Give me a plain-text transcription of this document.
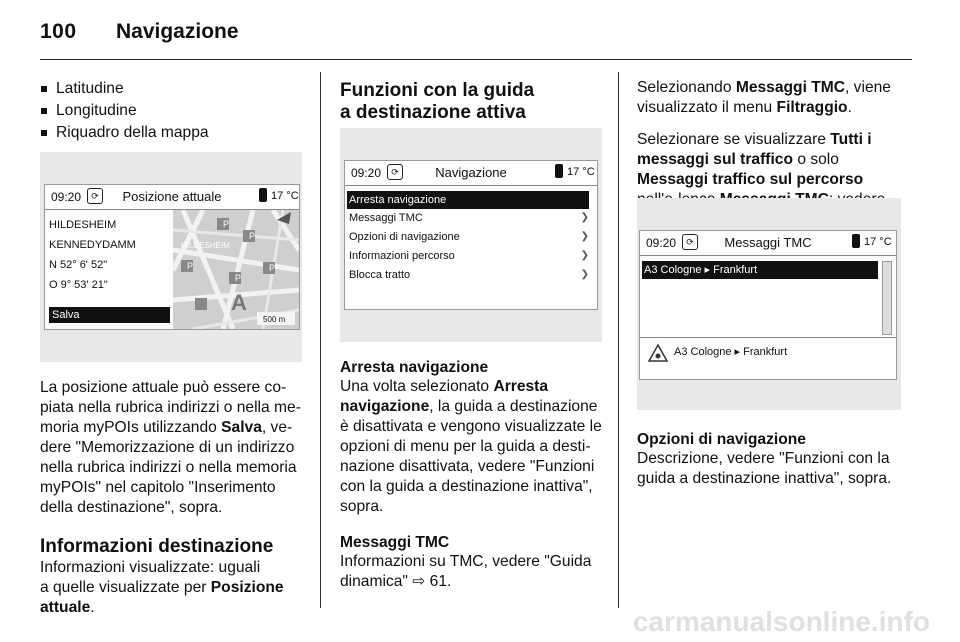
100 Navigazione
Latitudine
Longitudine
Riquadro della mappa
09:20	⟳	Posizione attuale	17 °C
HILDESHEIM
KENNEDYDAMM
N 52° 6' 52"
O 9° 53' 21"
Salva
P
P
P
P
P
A
HILDESHEIM
500 m

La posizione attuale può essere co-piata nella rubrica indirizzi o nella me-moria myPOIs utilizzando Salva, ve-dere "Memorizzazione di un indirizzo nella rubrica indirizzi o nella memoria myPOIs" nel capitolo "Inserimento della destinazione", sopra.

Informazioni destinazione

Informazioni visualizzate: uguali
a quelle visualizzate per Posizione attuale.

Funzioni con la guida
a destinazione attiva
09:20	⟳	Navigazione	17 °C
Arresta navigazione
Messaggi TMC	❯
Opzioni di navigazione	❯
Informazioni percorso	❯
Blocca tratto	❯
Arresta navigazione

Una volta selezionato Arresta navigazione, la guida a destinazione è disattivata e vengono visualizzate le opzioni di menu per la guida a desti-nazione disattivata, vedere "Funzioni con la guida a destinazione inattiva", sopra.

Messaggi TMC

Informazioni su TMC, vedere "Guida
dinamica" ⇨ 61.

Selezionando Messaggi TMC, viene visualizzato il menu Filtraggio.

Selezionare se visualizzare Tutti i messaggi sul traffico o solo Messaggi traffico sul percorso

09:20	⟳	Messaggi TMC	17 °C
A3 Cologne ▸ Frankfurt
A3 Cologne ▸ Frankfurt
Opzioni di navigazione

Descrizione, vedere "Funzioni con la guida a destinazione inattiva", sopra.

carmanualsonline.info
